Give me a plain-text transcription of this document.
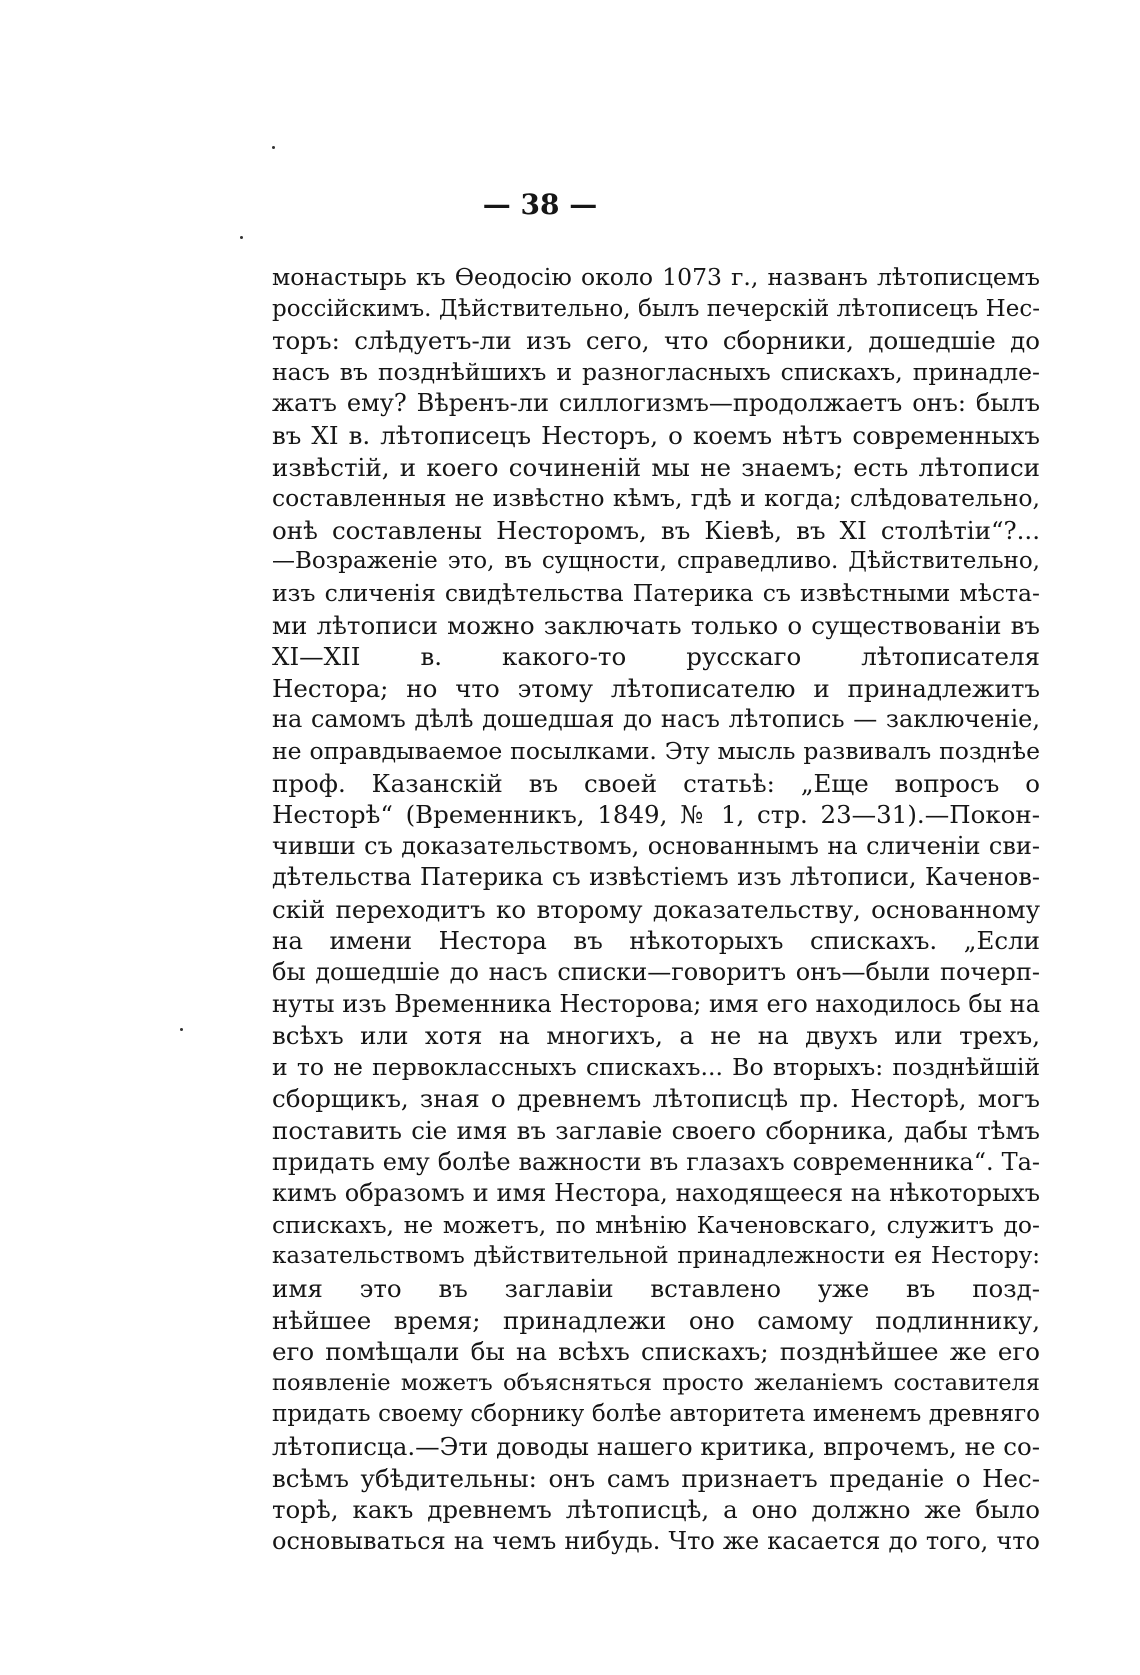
— 38 —
монастырь къ Ѳеодосію около 1073 г., названъ лѣтописцемъ
россійскимъ. Дѣйствительно, былъ печерскій лѣтописецъ Нес-
торъ: слѣдуетъ-ли изъ сего, что сборники, дошедшіе до
насъ въ позднѣйшихъ и разногласныхъ спискахъ, принадле-
жатъ ему? Вѣренъ-ли силлогизмъ—продолжаетъ онъ: былъ
въ XI в. лѣтописецъ Несторъ, о коемъ нѣтъ современныхъ
извѣстій, и коего сочиненій мы не знаемъ; есть лѣтописи
составленныя не извѣстно кѣмъ, гдѣ и когда; слѣдовательно,
онѣ составлены Несторомъ, въ Кіевѣ, въ XI столѣтіи“?...
—Возраженіе это, въ сущности, справедливо. Дѣйствительно,
изъ сличенія свидѣтельства Патерика съ извѣстными мѣста-
ми лѣтописи можно заключать только о существованіи въ
XI—XII в. какого-то русскаго лѣтописателя
Нестора; но что этому лѣтописателю и принадлежитъ
на самомъ дѣлѣ дошедшая до насъ лѣтопись — заключеніе,
не оправдываемое посылками. Эту мысль развивалъ позднѣе
проф. Казанскій въ своей статьѣ: „Еще вопросъ о
Несторѣ“ (Временникъ, 1849, № 1, стр. 23—31).—Покон-
чивши съ доказательствомъ, основаннымъ на сличеніи сви-
дѣтельства Патерика съ извѣстіемъ изъ лѣтописи, Каченов-
скій переходитъ ко второму доказательству, основанному
на имени Нестора въ нѣкоторыхъ спискахъ. „Если
бы дошедшіе до насъ списки—говоритъ онъ—были почерп-
нуты изъ Временника Несторова; имя его находилось бы на
всѣхъ или хотя на многихъ, а не на двухъ или трехъ,
и то не первоклассныхъ спискахъ... Во вторыхъ: позднѣйшій
сборщикъ, зная о древнемъ лѣтописцѣ пр. Несторѣ, могъ
поставить сіе имя въ заглавіе своего сборника, дабы тѣмъ
придать ему болѣе важности въ глазахъ современника“. Та-
кимъ образомъ и имя Нестора, находящееся на нѣкоторыхъ
спискахъ, не можетъ, по мнѣнію Каченовскаго, служитъ до-
казательствомъ дѣйствительной принадлежности ея Нестору:
имя это въ заглавіи вставлено уже въ позд-
нѣйшее время; принадлежи оно самому подлиннику,
его помѣщали бы на всѣхъ спискахъ; позднѣйшее же его
появленіе можетъ объясняться просто желаніемъ составителя
придать своему сборнику болѣе авторитета именемъ древняго
лѣтописца.—Эти доводы нашего критика, впрочемъ, не со-
всѣмъ убѣдительны: онъ самъ признаетъ преданіе о Нес-
торѣ, какъ древнемъ лѣтописцѣ, а оно должно же было
основываться на чемъ нибудь. Что же касается до того, что
